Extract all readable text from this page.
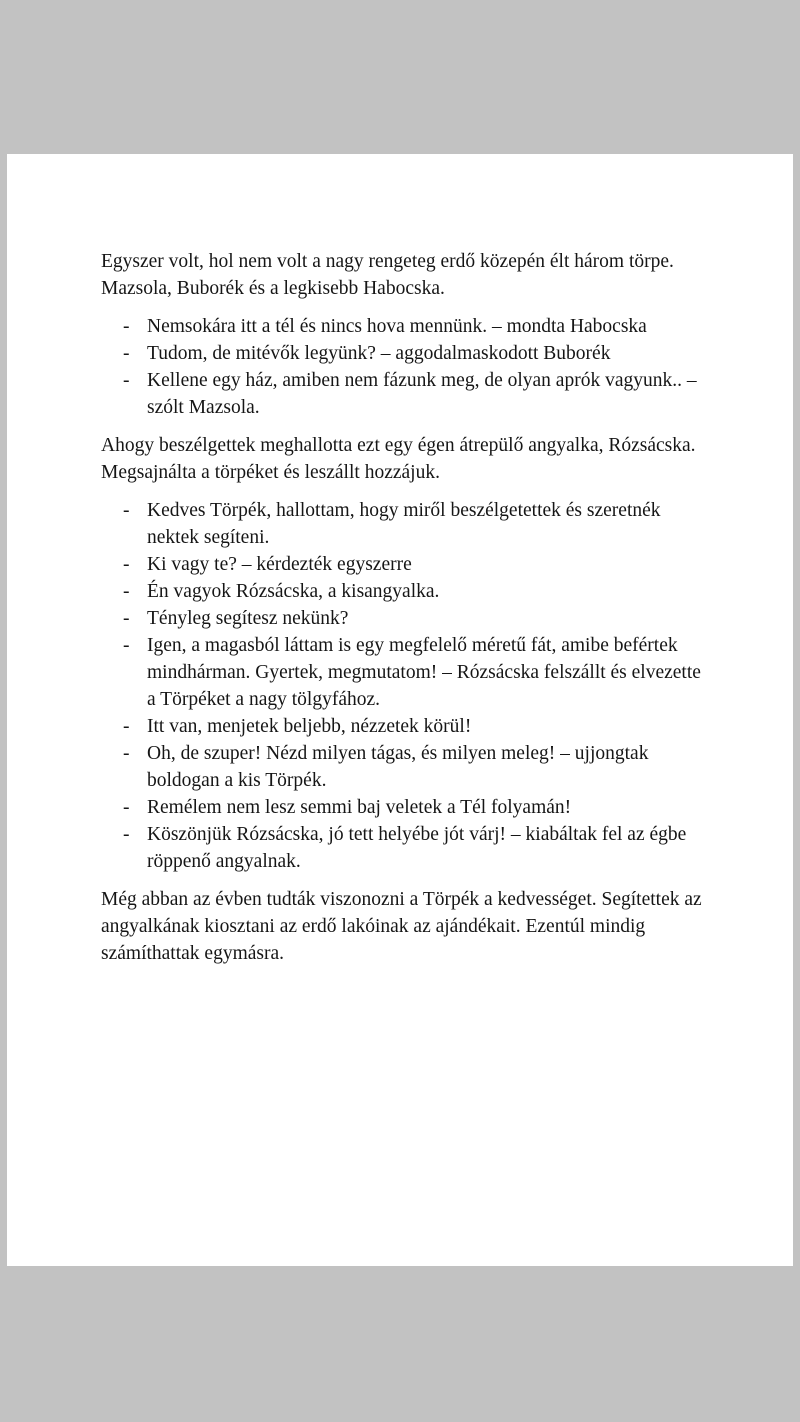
Egyszer volt, hol nem volt a nagy rengeteg erdő közepén élt három törpe. Mazsola, Buborék és a legkisebb Habocska.

- Nemsokára itt a tél és nincs hova mennünk. – mondta Habocska
- Tudom, de mitévők legyünk? – aggodalmaskodott Buborék
- Kellene egy ház, amiben nem fázunk meg, de olyan aprók vagyunk.. – szólt Mazsola.

Ahogy beszélgettek meghallotta ezt egy égen átrepülő angyalka, Rózsácska. Megsajnálta a törpéket és leszállt hozzájuk.

- Kedves Törpék, hallottam, hogy miről beszélgetettek és szeretnék nektek segíteni.
- Ki vagy te? – kérdezték egyszerre
- Én vagyok Rózsácska, a kisangyalka.
- Tényleg segítesz nekünk?
- Igen, a magasból láttam is egy megfelelő méretű fát, amibe befértek mindhárman. Gyertek, megmutatom! – Rózsácska felszállt és elvezette a Törpéket a nagy tölgyfához.
- Itt van, menjetek beljebb, nézzetek körül!
- Oh, de szuper! Nézd milyen tágas, és milyen meleg! – ujjongtak boldogan a kis Törpék.
- Remélem nem lesz semmi baj veletek a Tél folyamán!
- Köszönjük Rózsácska, jó tett helyébe jót várj! – kiabáltak fel az égbe röppenő angyalnak.

Még abban az évben tudták viszonozni a Törpék a kedvességet. Segítettek az angyalkának kiosztani az erdő lakóinak az ajándékait. Ezentúl mindig számíthattak egymásra.
